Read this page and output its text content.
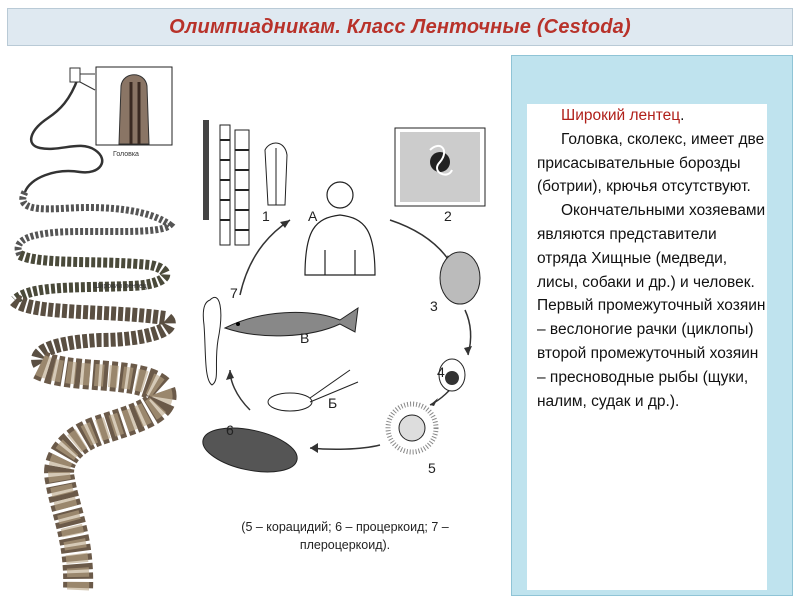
Олимпиадникам. Класс Ленточные (Cestoda)
Головка
Широкий лентец
1	А	2
3
4
5
Б
6
В
7
(5 – корацидий; 6 – процеркоид; 7 – плероцеркоид).

Широкий лентец.

Головка, сколекс, имеет две присасывательные борозды (ботрии), крючья отсутствуют.

Окончательными хозяевами являются представители отряда Хищные (медведи, лисы, собаки и др.) и человек. Первый промежуточный хозяин – веслоногие рачки (циклопы) второй промежуточный хозяин – пресноводные рыбы (щуки, налим, судак и др.).
